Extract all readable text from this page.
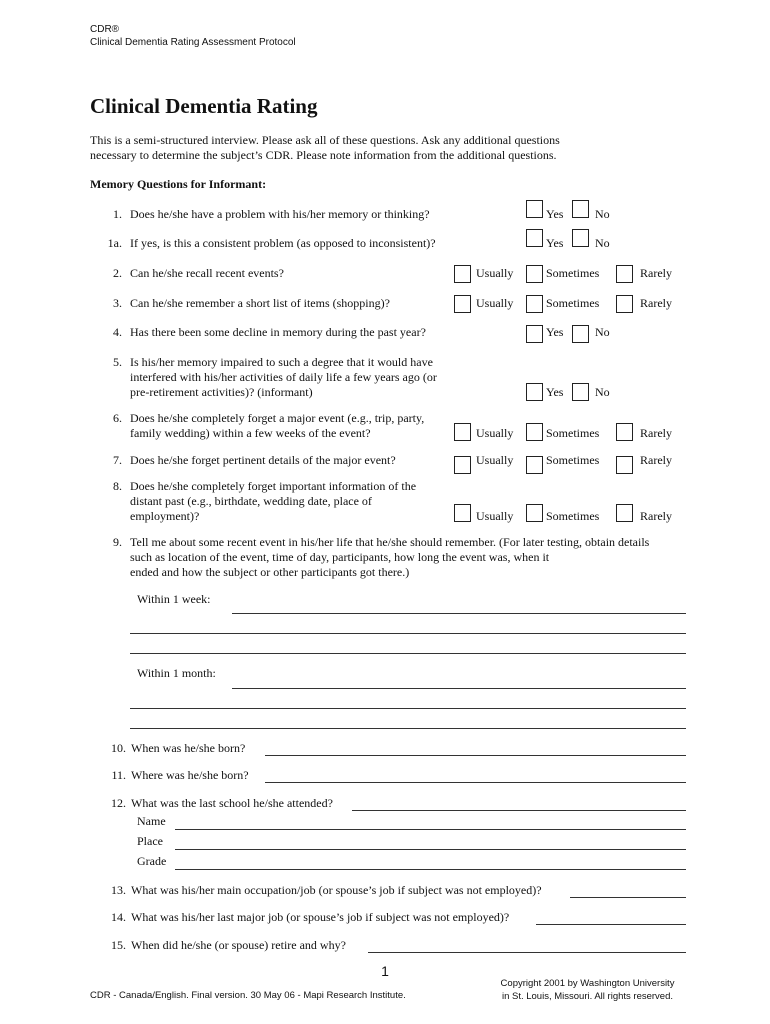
CDR®
Clinical Dementia Rating Assessment Protocol
Clinical Dementia Rating
This is a semi-structured interview. Please ask all of these questions. Ask any additional questions
necessary to determine the subject’s CDR. Please note information from the additional questions.
Memory Questions for Informant:
1. Does he/she have a problem with his/her memory or thinking?	Yes	No
1a. If yes, is this a consistent problem (as opposed to inconsistent)?	Yes	No
2. Can he/she recall recent events?	Usually	Sometimes	Rarely
3. Can he/she remember a short list of items (shopping)?	Usually	Sometimes	Rarely
4. Has there been some decline in memory during the past year?	Yes	No
5. Is his/her memory impaired to such a degree that it would have
interfered with his/her activities of daily life a few years ago (or
pre-retirement activities)? (informant)	Yes	No
6. Does he/she completely forget a major event (e.g., trip, party,
family wedding) within a few weeks of the event?	Usually	Sometimes	Rarely
7. Does he/she forget pertinent details of the major event?	Usually	Sometimes	Rarely
8. Does he/she completely forget important information of the
distant past (e.g., birthdate, wedding date, place of
employment)?	Usually	Sometimes	Rarely
9. Tell me about some recent event in his/her life that he/she should remember. (For later testing, obtain details
such as location of the event, time of day, participants, how long the event was, when it
ended and how the subject or other participants got there.)
Within 1 week:
Within 1 month:
10. When was he/she born?
11. Where was he/she born?
12. What was the last school he/she attended?
Name
Place
Grade
13. What was his/her main occupation/job (or spouse’s job if subject was not employed)?
14. What was his/her last major job (or spouse’s job if subject was not employed)?
15. When did he/she (or spouse) retire and why?
1
CDR - Canada/English. Final version. 30 May 06 - Mapi Research Institute.
Copyright 2001 by Washington University
in St. Louis, Missouri. All rights reserved.
